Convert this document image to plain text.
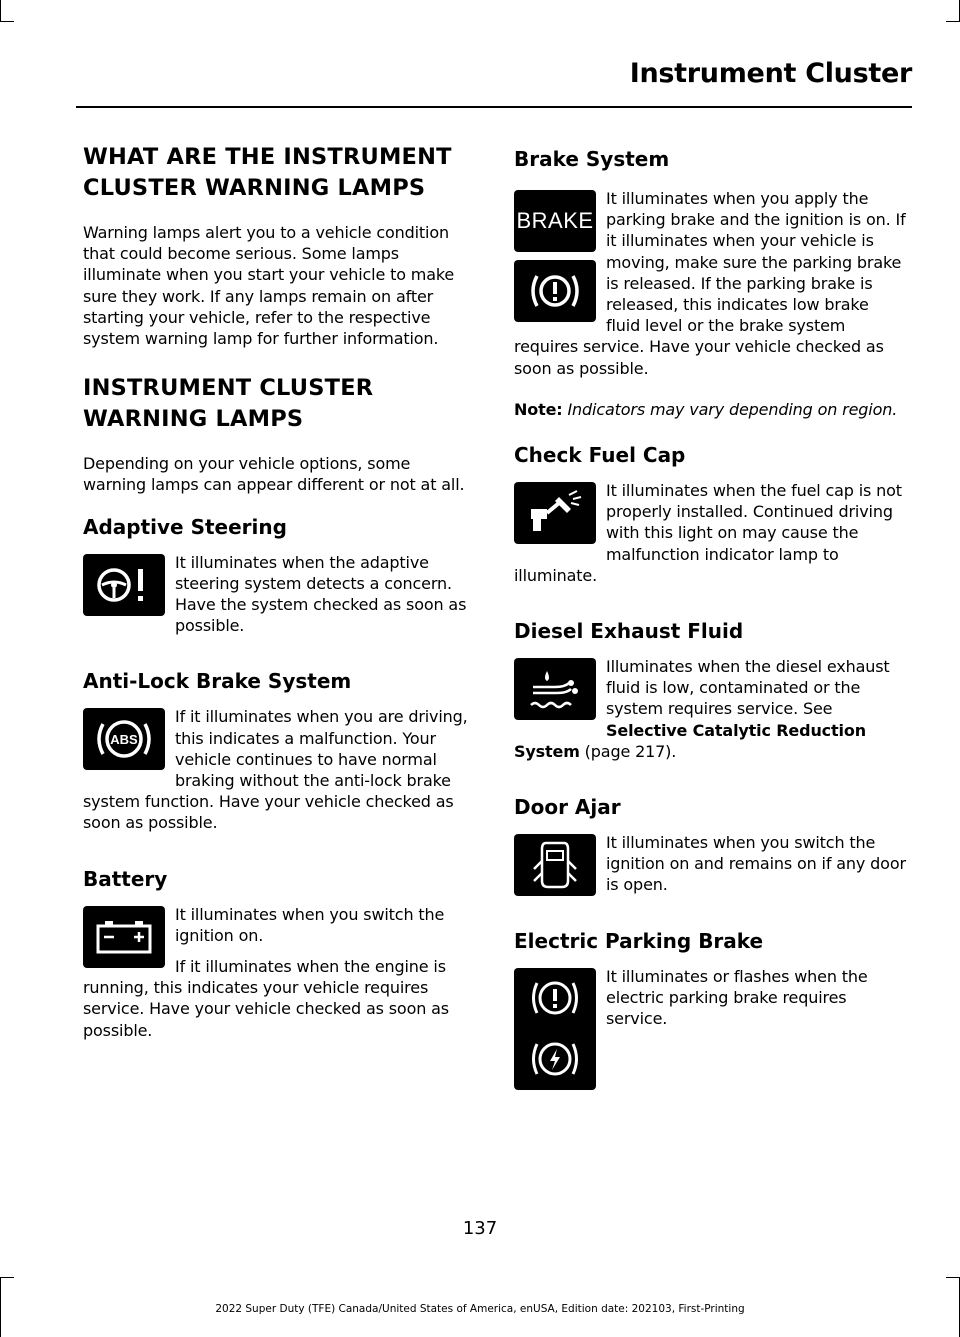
Instrument Cluster
WHAT ARE THE INSTRUMENT
CLUSTER WARNING LAMPS

Warning lamps alert you to a vehicle condition that could become serious. Some lamps illuminate when you start your vehicle to make sure they work. If any lamps remain on after starting your vehicle, refer to the respective system warning lamp for further information.

INSTRUMENT CLUSTER
WARNING LAMPS

Depending on your vehicle options, some warning lamps can appear different or not at all.

Adaptive Steering

It illuminates when the adaptive steering system detects a concern. Have the system checked as soon as possible.

Anti-Lock Brake System
ABS

If it illuminates when you are driving, this indicates a malfunction. Your vehicle continues to have normal braking without the anti-lock brake system function. Have your vehicle checked as soon as possible.

Battery

It illuminates when you switch the ignition on.

If it illuminates when the engine is running, this indicates your vehicle requires service. Have your vehicle checked as soon as possible.

Brake System
BRAKE

It illuminates when you apply the parking brake and the ignition is on. If it illuminates when your vehicle is moving, make sure the parking brake is released. If the parking brake is released, this indicates low brake fluid level or the brake system requires service. Have your vehicle checked as soon as possible.

Note: Indicators may vary depending on region.

Check Fuel Cap

It illuminates when the fuel cap is not properly installed. Continued driving with this light on may cause the malfunction indicator lamp to illuminate.

Diesel Exhaust Fluid

Illuminates when the diesel exhaust fluid is low, contaminated or the system requires service. See Selective Catalytic Reduction System (page 217).

Door Ajar

It illuminates when you switch the ignition on and remains on if any door is open.

Electric Parking Brake

It illuminates or flashes when the electric parking brake requires service.

137
2022 Super Duty (TFE) Canada/United States of America, enUSA, Edition date: 202103, First-Printing
